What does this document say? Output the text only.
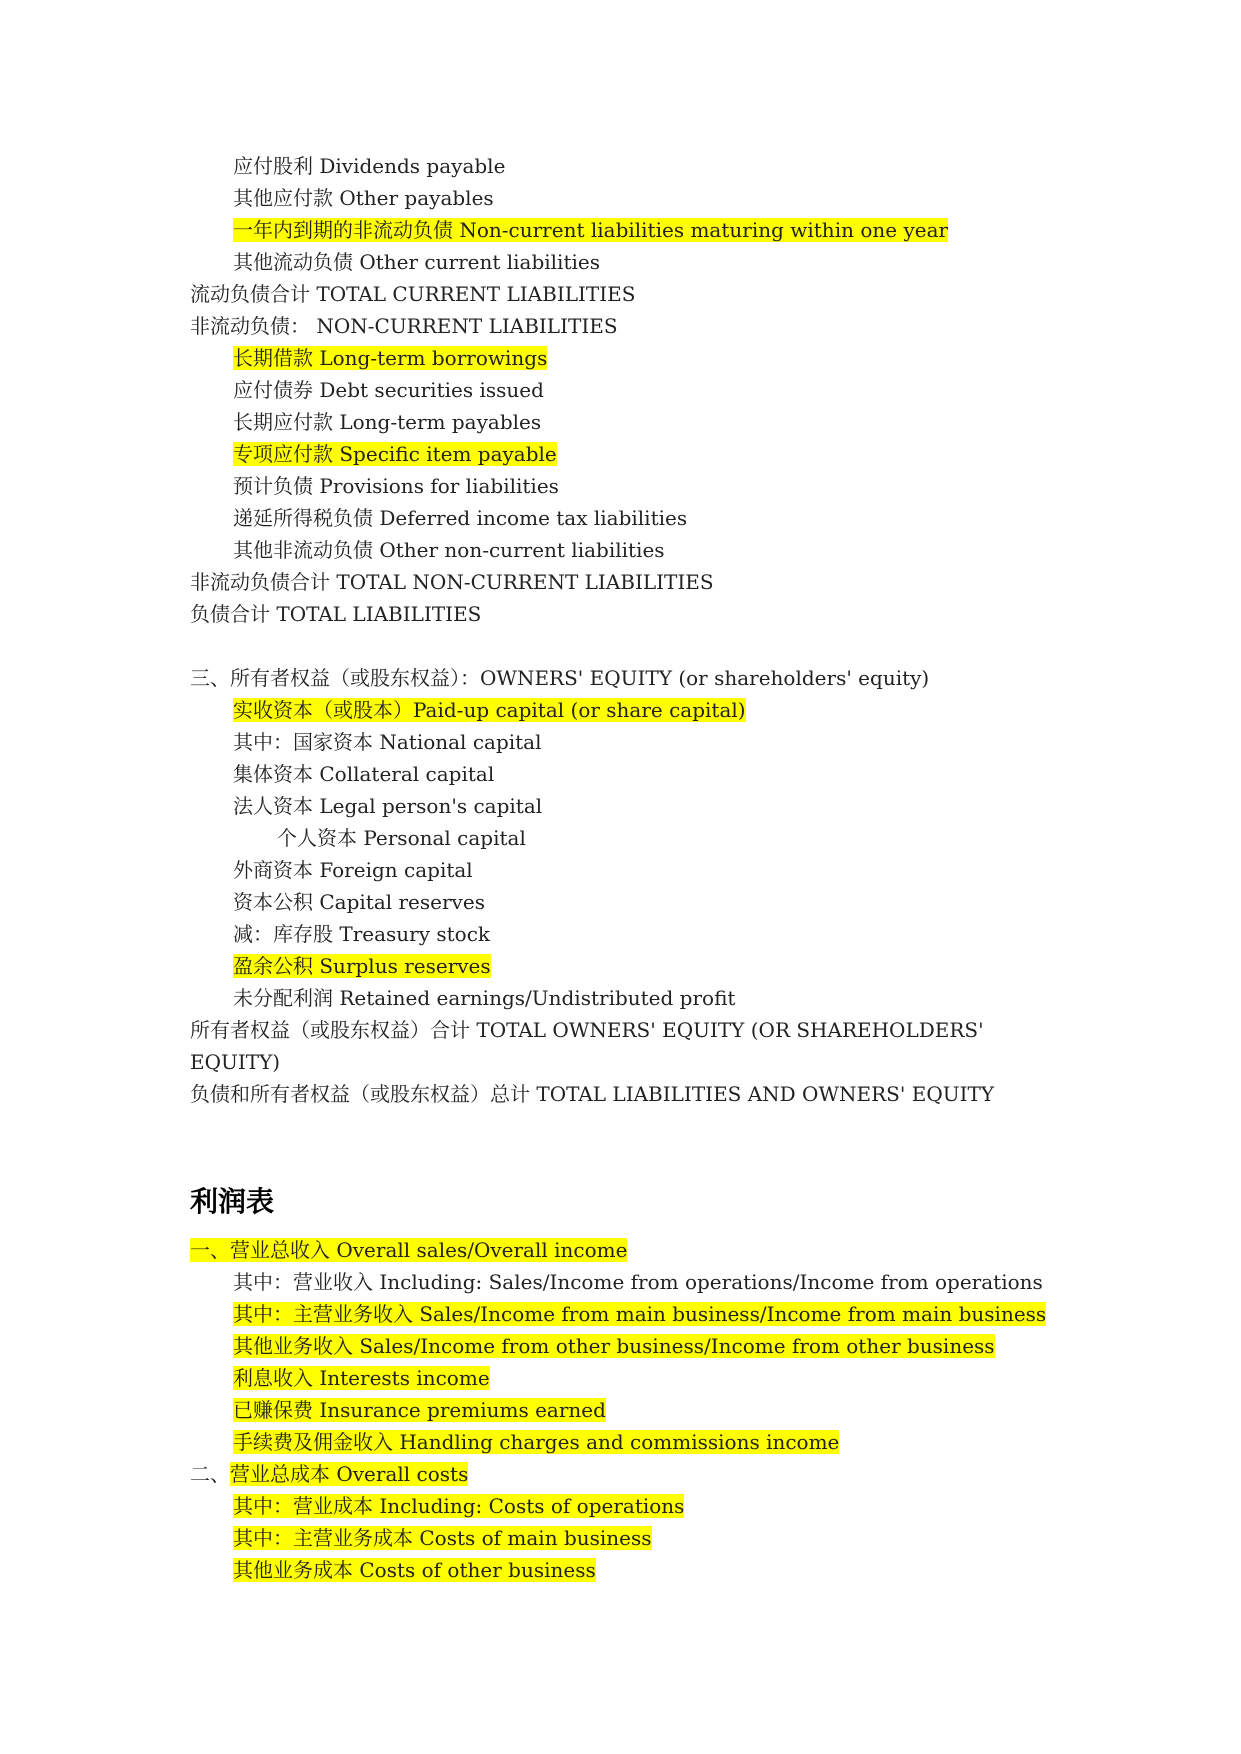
应付股利 Dividends payable
其他应付款 Other payables
一年内到期的非流动负债 Non-current liabilities maturing within one year
其他流动负债 Other current liabilities
流动负债合计 TOTAL CURRENT LIABILITIES
非流动负债： NON-CURRENT LIABILITIES
长期借款 Long-term borrowings
应付债券 Debt securities issued
长期应付款 Long-term payables
专项应付款 Specific item payable
预计负债 Provisions for liabilities
递延所得税负债 Deferred income tax liabilities
其他非流动负债 Other non-current liabilities
非流动负债合计 TOTAL NON-CURRENT LIABILITIES
负债合计 TOTAL LIABILITIES
三、所有者权益（或股东权益）：OWNERS' EQUITY (or shareholders' equity)
实收资本（或股本）Paid-up capital (or share capital)
其中：国家资本 National capital
集体资本 Collateral capital
法人资本 Legal person's capital
个人资本 Personal capital
外商资本 Foreign capital
资本公积 Capital reserves
减：库存股 Treasury stock
盈余公积 Surplus reserves
未分配利润 Retained earnings/Undistributed profit
所有者权益（或股东权益）合计 TOTAL OWNERS' EQUITY (OR SHAREHOLDERS'
EQUITY)
负债和所有者权益（或股东权益）总计 TOTAL LIABILITIES AND OWNERS' EQUITY
利润表
一、营业总收入 Overall sales/Overall income
其中：营业收入 Including: Sales/Income from operations/Income from operations
其中：主营业务收入 Sales/Income from main business/Income from main business
其他业务收入 Sales/Income from other business/Income from other business
利息收入 Interests income
已赚保费 Insurance premiums earned
手续费及佣金收入 Handling charges and commissions income
二、营业总成本 Overall costs
其中：营业成本 Including: Costs of operations
其中：主营业务成本 Costs of main business
其他业务成本 Costs of other business
